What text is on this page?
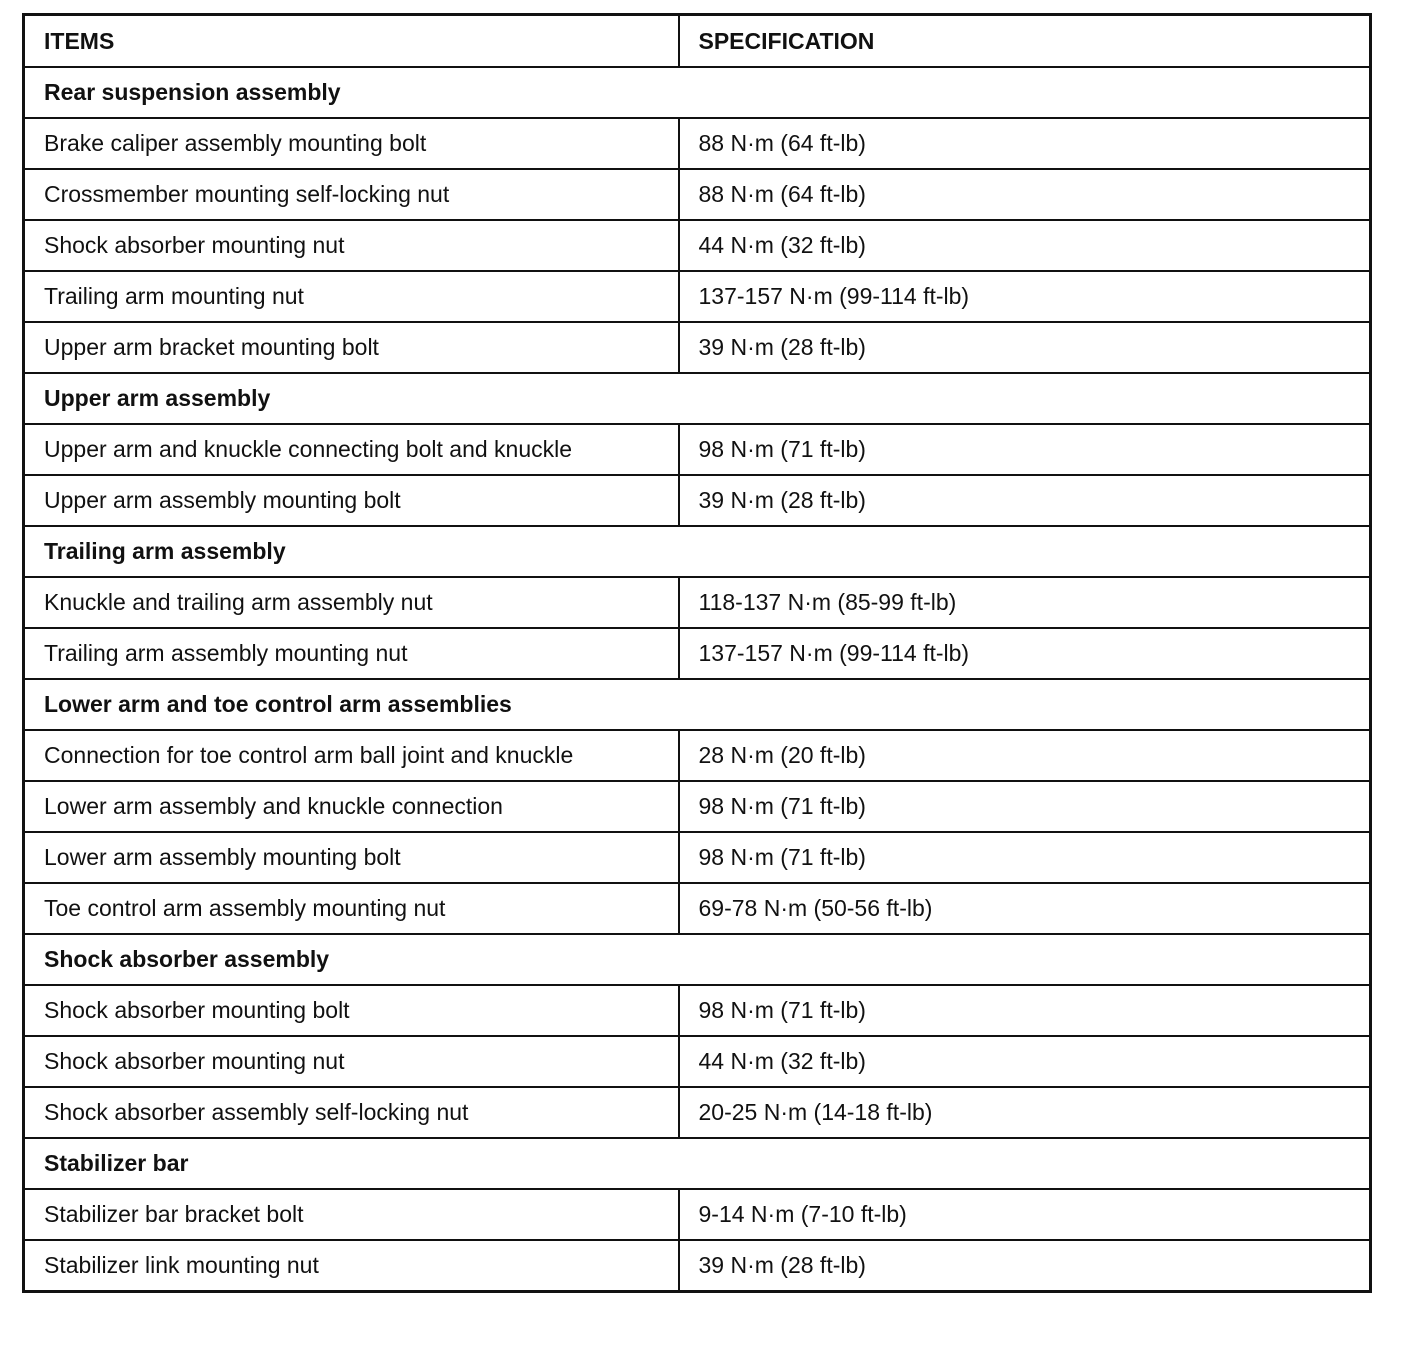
ITEMS	SPECIFICATION
Rear suspension assembly	
Brake caliper assembly mounting bolt	88 N·m (64 ft-lb)
Crossmember mounting self-locking nut	88 N·m (64 ft-lb)
Shock absorber mounting nut	44 N·m (32 ft-lb)
Trailing arm mounting nut	137-157 N·m (99-114 ft-lb)
Upper arm bracket mounting bolt	39 N·m (28 ft-lb)
Upper arm assembly	
Upper arm and knuckle connecting bolt and knuckle	98 N·m (71 ft-lb)
Upper arm assembly mounting bolt	39 N·m (28 ft-lb)
Trailing arm assembly	
Knuckle and trailing arm assembly nut	118-137 N·m (85-99 ft-lb)
Trailing arm assembly mounting nut	137-157 N·m (99-114 ft-lb)
Lower arm and toe control arm assemblies	
Connection for toe control arm ball joint and knuckle	28 N·m (20 ft-lb)
Lower arm assembly and knuckle connection	98 N·m (71 ft-lb)
Lower arm assembly mounting bolt	98 N·m (71 ft-lb)
Toe control arm assembly mounting nut	69-78 N·m (50-56 ft-lb)
Shock absorber assembly	
Shock absorber mounting bolt	98 N·m (71 ft-lb)
Shock absorber mounting nut	44 N·m (32 ft-lb)
Shock absorber assembly self-locking nut	20-25 N·m (14-18 ft-lb)
Stabilizer bar	
Stabilizer bar bracket bolt	9-14 N·m (7-10 ft-lb)
Stabilizer link mounting nut	39 N·m (28 ft-lb)
